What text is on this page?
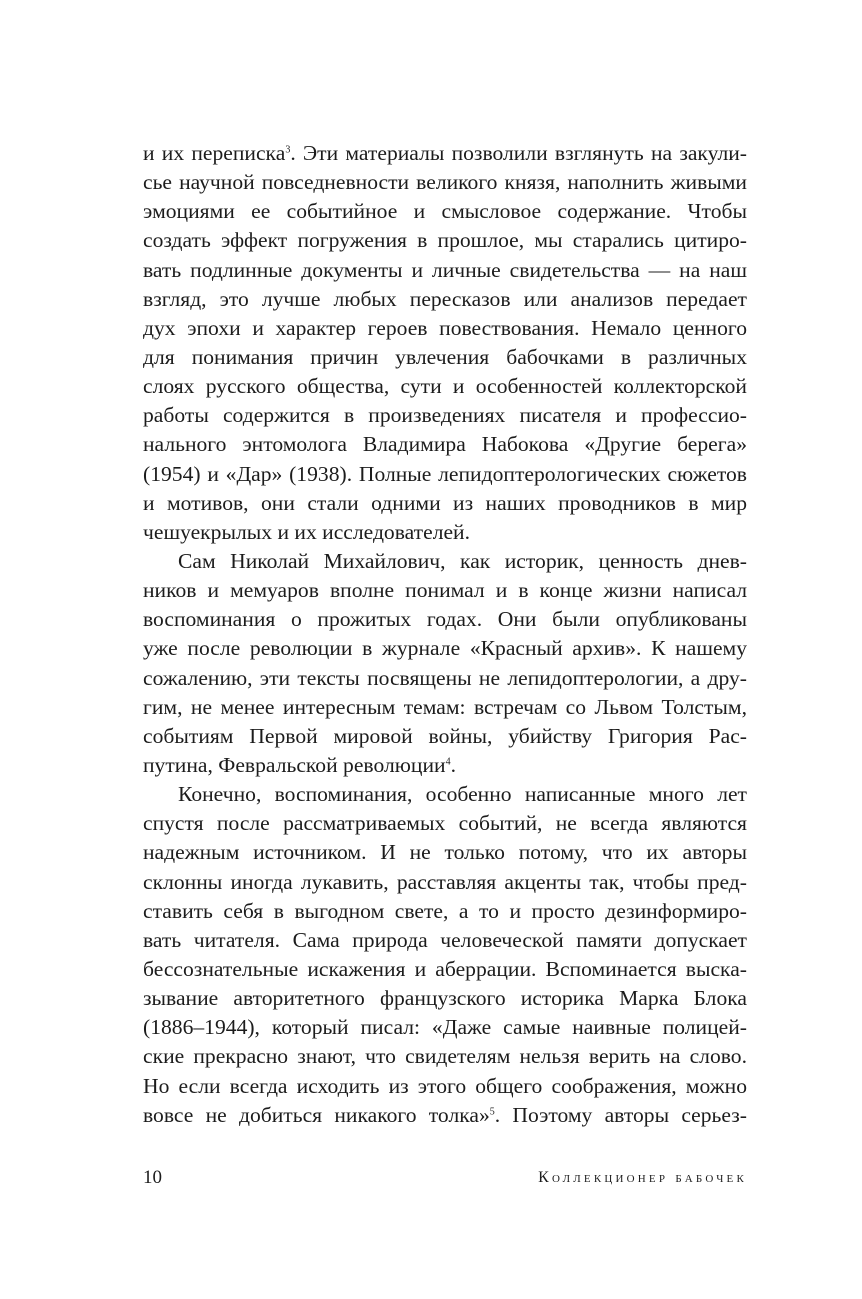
и их переписка$^3$. Эти материалы позволили взглянуть на закули-
сье научной повседневности великого князя, наполнить живыми
эмоциями ее событийное и смысловое содержание. Чтобы
создать эффект погружения в прошлое, мы старались цитиро-
вать подлинные документы и личные свидетельства — на наш
взгляд, это лучше любых пересказов или анализов передает
дух эпохи и характер героев повествования. Немало ценного
для понимания причин увлечения бабочками в различных
слоях русского общества, сути и особенностей коллекторской
работы содержится в произведениях писателя и профессио-
нального энтомолога Владимира Набокова «Другие берега»
(1954) и «Дар» (1938). Полные лепидоптерологических сюжетов
и мотивов, они стали одними из наших проводников в мир
чешуекрылых и их исследователей.
Сам Николай Михайлович, как историк, ценность днев-
ников и мемуаров вполне понимал и в конце жизни написал
воспоминания о прожитых годах. Они были опубликованы
уже после революции в журнале «Красный архив». К нашему
сожалению, эти тексты посвящены не лепидоптерологии, а дру-
гим, не менее интересным темам: встречам со Львом Толстым,
событиям Первой мировой войны, убийству Григория Рас-
путина, Февральской революции$^4$.
Конечно, воспоминания, особенно написанные много лет
спустя после рассматриваемых событий, не всегда являются
надежным источником. И не только потому, что их авторы
склонны иногда лукавить, расставляя акценты так, чтобы пред-
ставить себя в выгодном свете, а то и просто дезинформиро-
вать читателя. Сама природа человеческой памяти допускает
бессознательные искажения и аберрации. Вспоминается выска-
зывание авторитетного французского историка Марка Блока
(1886–1944), который писал: «Даже самые наивные полицей-
ские прекрасно знают, что свидетелям нельзя верить на слово.
Но если всегда исходить из этого общего соображения, можно
вовсе не добиться никакого толка»$^5$. Поэтому авторы серьез-
10	Коллекционер бабочек
